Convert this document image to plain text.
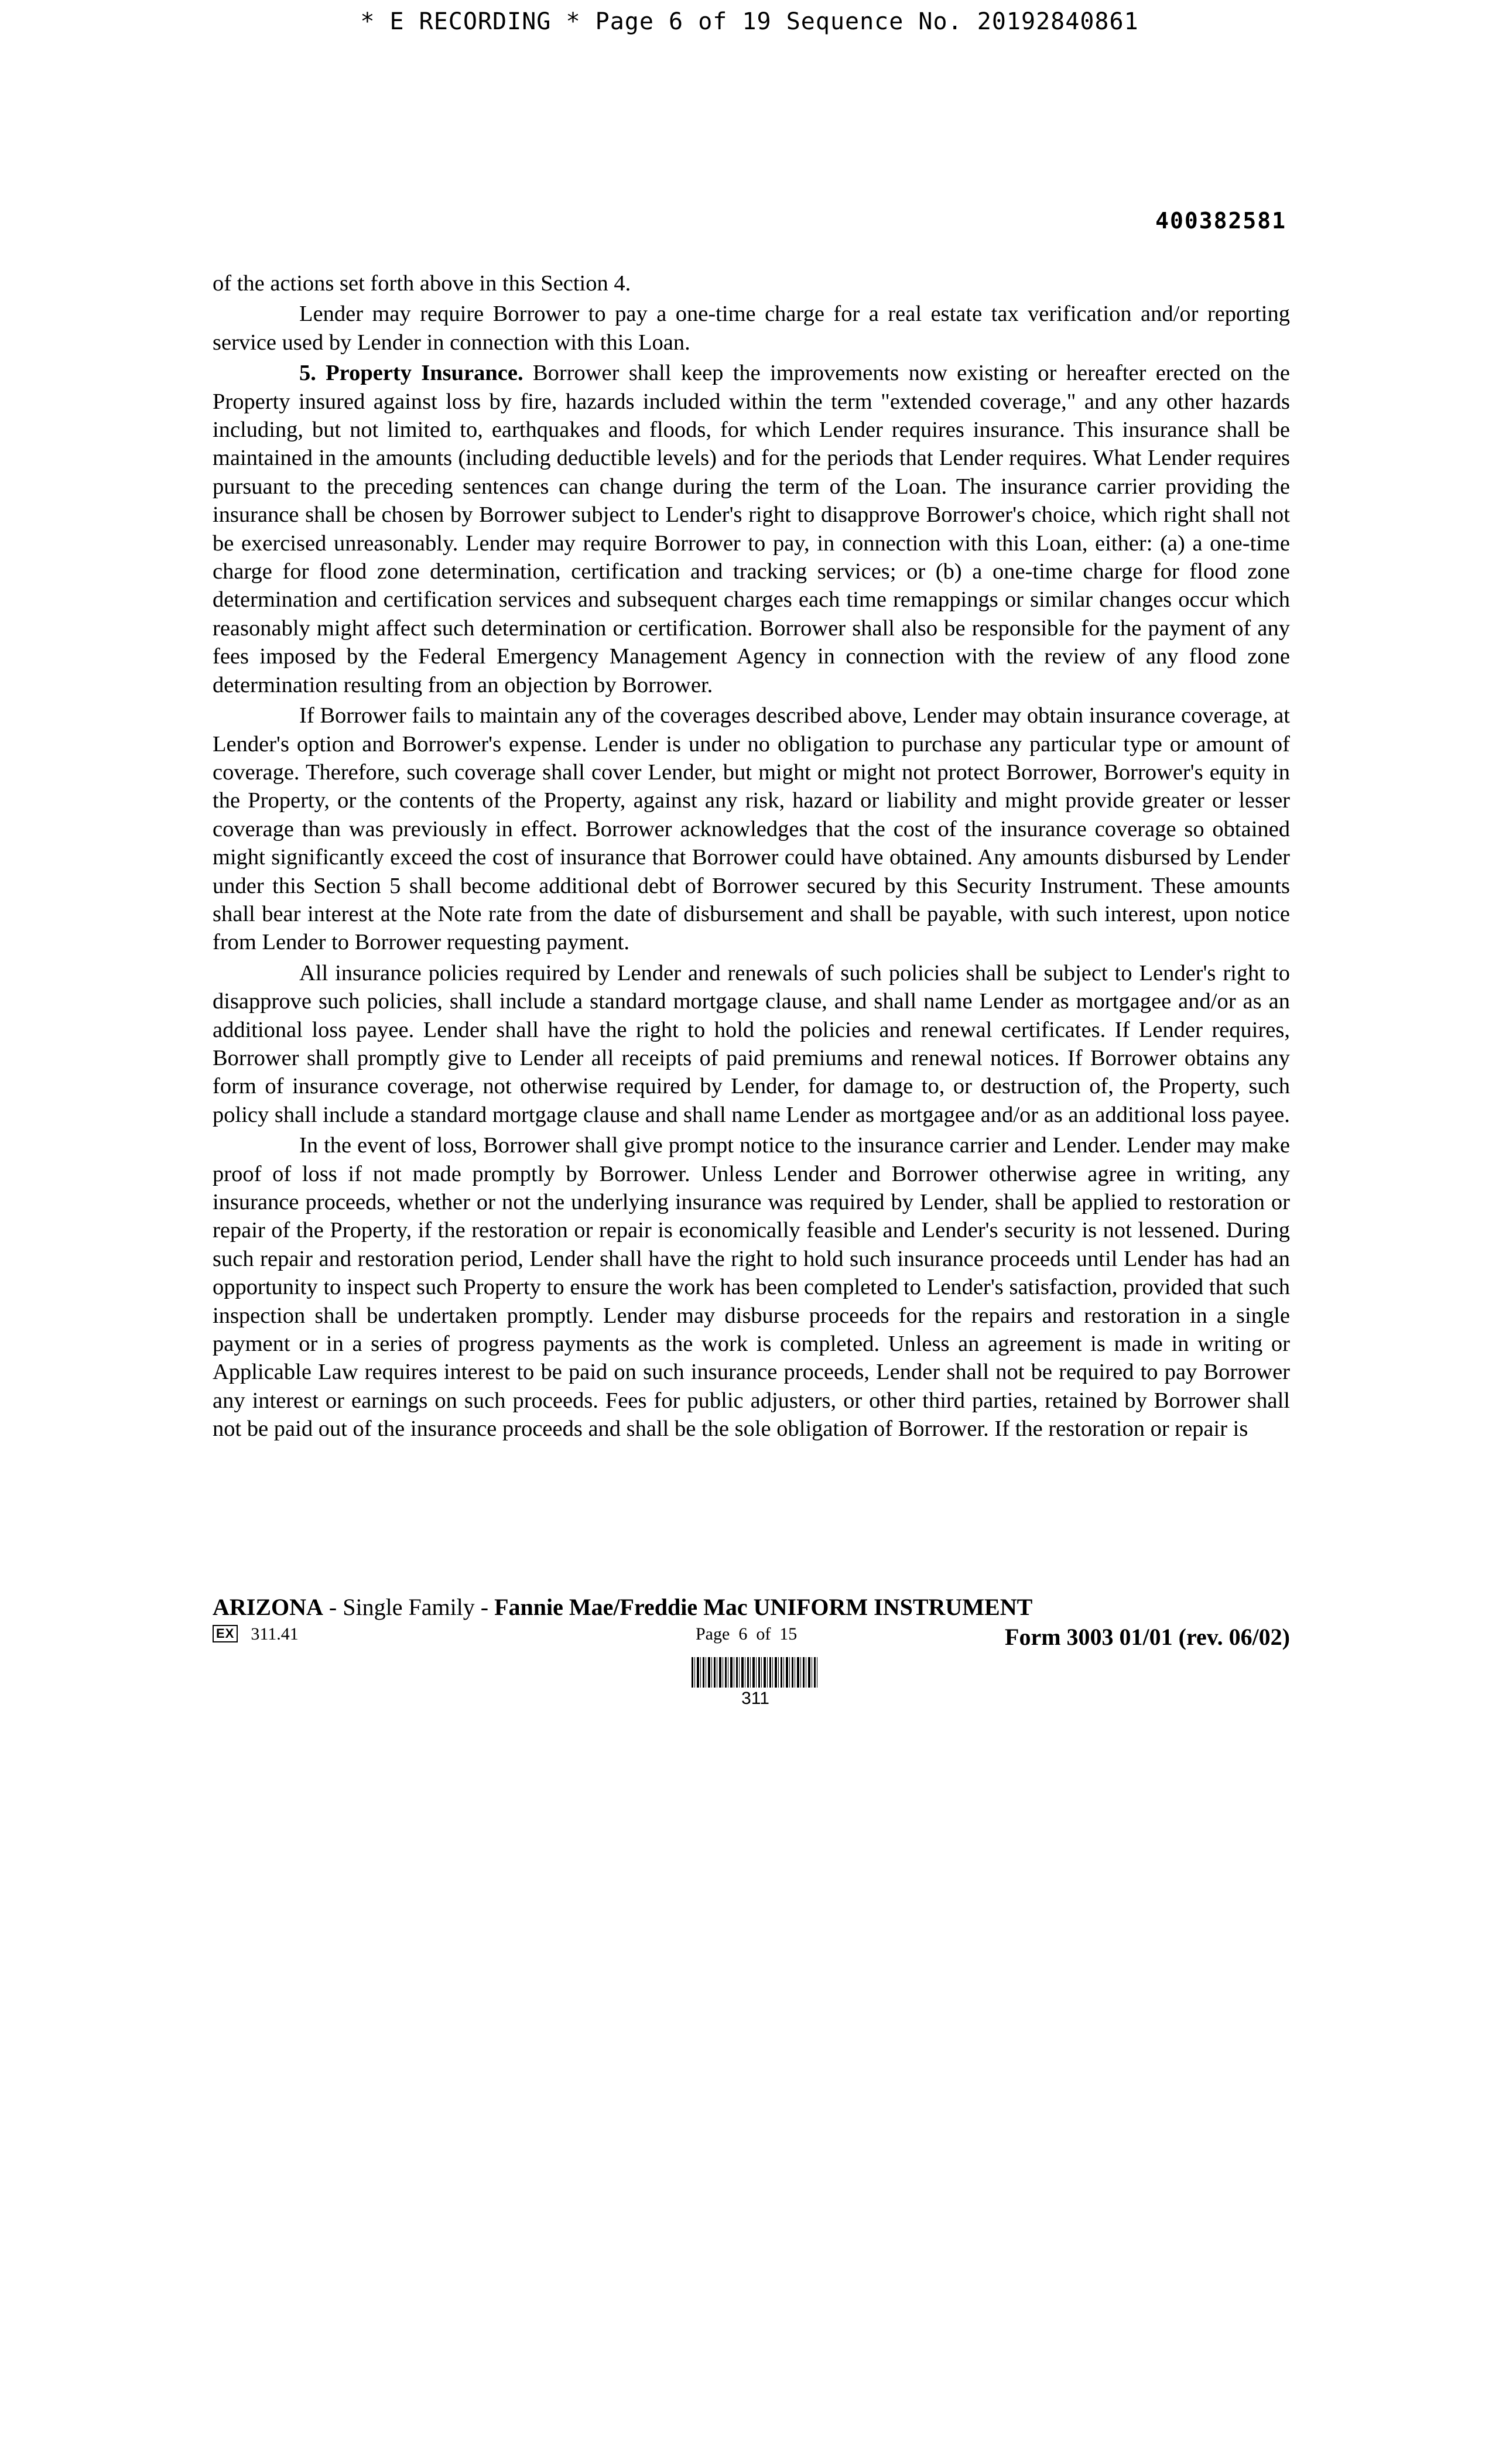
* E RECORDING * Page 6 of 19 Sequence No. 20192840861
400382581

of the actions set forth above in this Section 4.

Lender may require Borrower to pay a one-time charge for a real estate tax verification and/or reporting service used by Lender in connection with this Loan.

5. Property Insurance. Borrower shall keep the improvements now existing or hereafter erected on the Property insured against loss by fire, hazards included within the term "extended coverage," and any other hazards including, but not limited to, earthquakes and floods, for which Lender requires insurance. This insurance shall be maintained in the amounts (including deductible levels) and for the periods that Lender requires. What Lender requires pursuant to the preceding sentences can change during the term of the Loan. The insurance carrier providing the insurance shall be chosen by Borrower subject to Lender's right to disapprove Borrower's choice, which right shall not be exercised unreasonably. Lender may require Borrower to pay, in connection with this Loan, either: (a) a one-time charge for flood zone determination, certification and tracking services; or (b) a one-time charge for flood zone determination and certification services and subsequent charges each time remappings or similar changes occur which reasonably might affect such determination or certification. Borrower shall also be responsible for the payment of any fees imposed by the Federal Emergency Management Agency in connection with the review of any flood zone determination resulting from an objection by Borrower.

If Borrower fails to maintain any of the coverages described above, Lender may obtain insurance coverage, at Lender's option and Borrower's expense. Lender is under no obligation to purchase any particular type or amount of coverage. Therefore, such coverage shall cover Lender, but might or might not protect Borrower, Borrower's equity in the Property, or the contents of the Property, against any risk, hazard or liability and might provide greater or lesser coverage than was previously in effect. Borrower acknowledges that the cost of the insurance coverage so obtained might significantly exceed the cost of insurance that Borrower could have obtained. Any amounts disbursed by Lender under this Section 5 shall become additional debt of Borrower secured by this Security Instrument. These amounts shall bear interest at the Note rate from the date of disbursement and shall be payable, with such interest, upon notice from Lender to Borrower requesting payment.

All insurance policies required by Lender and renewals of such policies shall be subject to Lender's right to disapprove such policies, shall include a standard mortgage clause, and shall name Lender as mortgagee and/or as an additional loss payee. Lender shall have the right to hold the policies and renewal certificates. If Lender requires, Borrower shall promptly give to Lender all receipts of paid premiums and renewal notices. If Borrower obtains any form of insurance coverage, not otherwise required by Lender, for damage to, or destruction of, the Property, such policy shall include a standard mortgage clause and shall name Lender as mortgagee and/or as an additional loss payee.

In the event of loss, Borrower shall give prompt notice to the insurance carrier and Lender. Lender may make proof of loss if not made promptly by Borrower. Unless Lender and Borrower otherwise agree in writing, any insurance proceeds, whether or not the underlying insurance was required by Lender, shall be applied to restoration or repair of the Property, if the restoration or repair is economically feasible and Lender's security is not lessened. During such repair and restoration period, Lender shall have the right to hold such insurance proceeds until Lender has had an opportunity to inspect such Property to ensure the work has been completed to Lender's satisfaction, provided that such inspection shall be undertaken promptly. Lender may disburse proceeds for the repairs and restoration in a single payment or in a series of progress payments as the work is completed. Unless an agreement is made in writing or Applicable Law requires interest to be paid on such insurance proceeds, Lender shall not be required to pay Borrower any interest or earnings on such proceeds. Fees for public adjusters, or other third parties, retained by Borrower shall not be paid out of the insurance proceeds and shall be the sole obligation of Borrower. If the restoration or repair is

ARIZONA - Single Family - Fannie Mae/Freddie Mac UNIFORM INSTRUMENT
EX 311.41	Page  6  of  15	Form 3003 01/01 (rev. 06/02)
311
